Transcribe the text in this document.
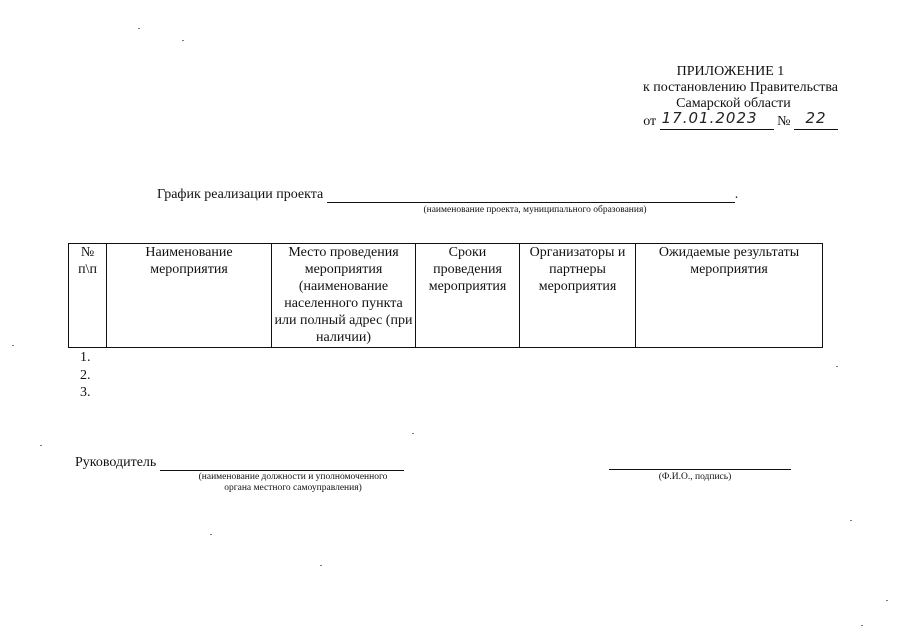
ПРИЛОЖЕНИЕ 1
к постановлению Правительства
Самарской области
от 17.01.2023 № 22
График реализации проекта	.
(наименование проекта, муниципального образования)
№ п\п	Наименование мероприятия	Место проведения мероприятия (наименование населенного пункта или полный адрес (при наличии)	Сроки проведения мероприятия	Организаторы и партнеры мероприятия	Ожидаемые результаты мероприятия
1.
2.
3.
Руководитель
(наименование должности и уполномоченного
органа местного самоуправления)
(Ф.И.О., подпись)
